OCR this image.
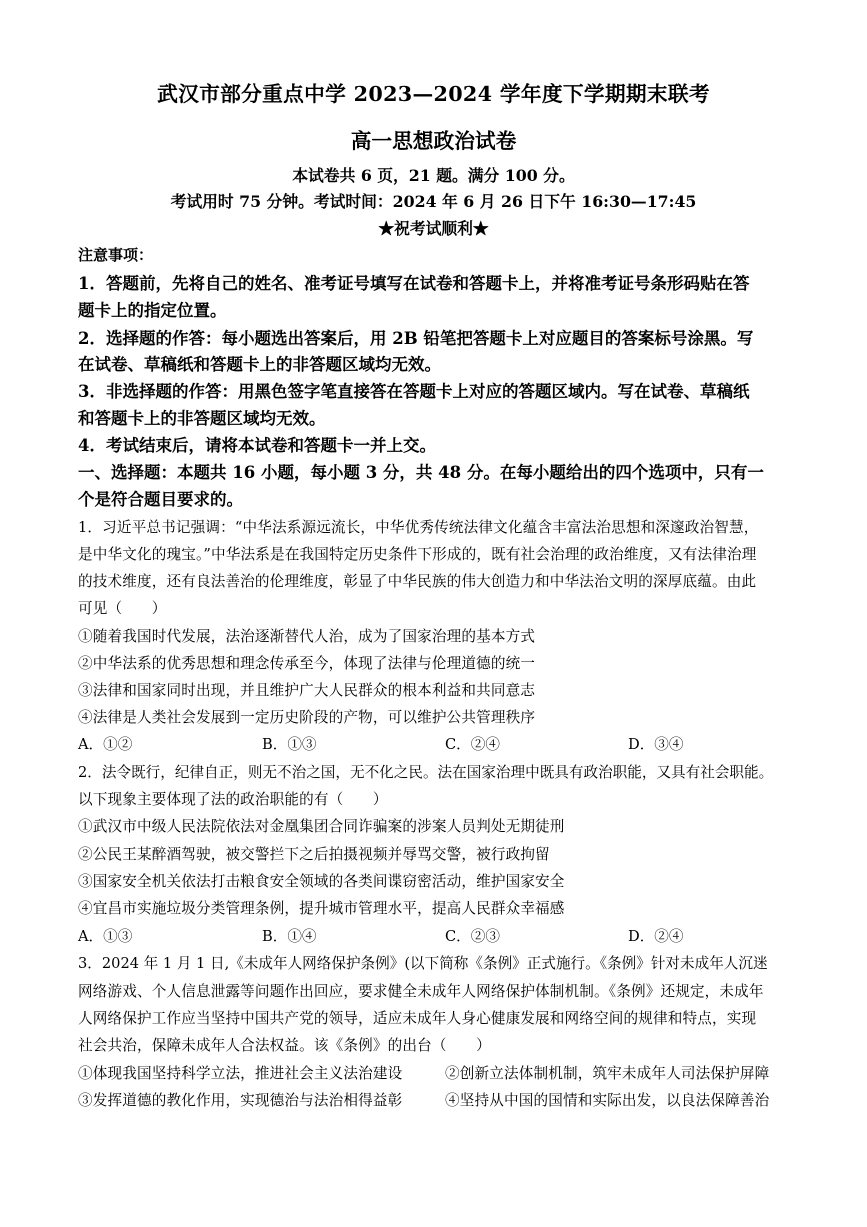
武汉市部分重点中学 2023—2024 学年度下学期期末联考
高一思想政治试卷
本试卷共 6 页，21 题。满分 100 分。
考试用时 75 分钟。考试时间：2024 年 6 月 26 日下午 16:30—17:45
★祝考试顺利★
注意事项：
1．答题前，先将自己的姓名、准考证号填写在试卷和答题卡上，并将准考证号条形码贴在答
题卡上的指定位置。
2．选择题的作答：每小题选出答案后，用 2B 铅笔把答题卡上对应题目的答案标号涂黑。写
在试卷、草稿纸和答题卡上的非答题区域均无效。
3．非选择题的作答：用黑色签字笔直接答在答题卡上对应的答题区域内。写在试卷、草稿纸
和答题卡上的非答题区域均无效。
4．考试结束后，请将本试卷和答题卡一并上交。
一、选择题：本题共 16 小题，每小题 3 分，共 48 分。在每小题给出的四个选项中，只有一
个是符合题目要求的。
1．习近平总书记强调：“中华法系源远流长，中华优秀传统法律文化蕴含丰富法治思想和深邃政治智慧，
是中华文化的瑰宝。”中华法系是在我国特定历史条件下形成的，既有社会治理的政治维度，又有法律治理
的技术维度，还有良法善治的伦理维度，彰显了中华民族的伟大创造力和中华法治文明的深厚底蕴。由此
可见（　　）
①随着我国时代发展，法治逐渐替代人治，成为了国家治理的基本方式
②中华法系的优秀思想和理念传承至今，体现了法律与伦理道德的统一
③法律和国家同时出现，并且维护广大人民群众的根本利益和共同意志
④法律是人类社会发展到一定历史阶段的产物，可以维护公共管理秩序
A．①②	B．①③	C．②④	D．③④
2．法令既行，纪律自正，则无不治之国，无不化之民。法在国家治理中既具有政治职能，又具有社会职能。
以下现象主要体现了法的政治职能的有（　　）
①武汉市中级人民法院依法对金凰集团合同诈骗案的涉案人员判处无期徒刑
②公民王某醉酒驾驶，被交警拦下之后拍摄视频并辱骂交警，被行政拘留
③国家安全机关依法打击粮食安全领域的各类间谍窃密活动，维护国家安全
④宜昌市实施垃圾分类管理条例，提升城市管理水平，提高人民群众幸福感
A．①③	B．①④	C．②③	D．②④
3．2024 年 1 月 1 日,《未成年人网络保护条例》(以下简称《条例》正式施行。《条例》针对未成年人沉迷
网络游戏、个人信息泄露等问题作出回应，要求健全未成年人网络保护体制机制。《条例》还规定，未成年
人网络保护工作应当坚持中国共产党的领导，适应未成年人身心健康发展和网络空间的规律和特点，实现
社会共治，保障未成年人合法权益。该《条例》的出台（　　）
①体现我国坚持科学立法，推进社会主义法治建设	②创新立法体制机制，筑牢未成年人司法保护屏障
③发挥道德的教化作用，实现德治与法治相得益彰	④坚持从中国的国情和实际出发，以良法保障善治
